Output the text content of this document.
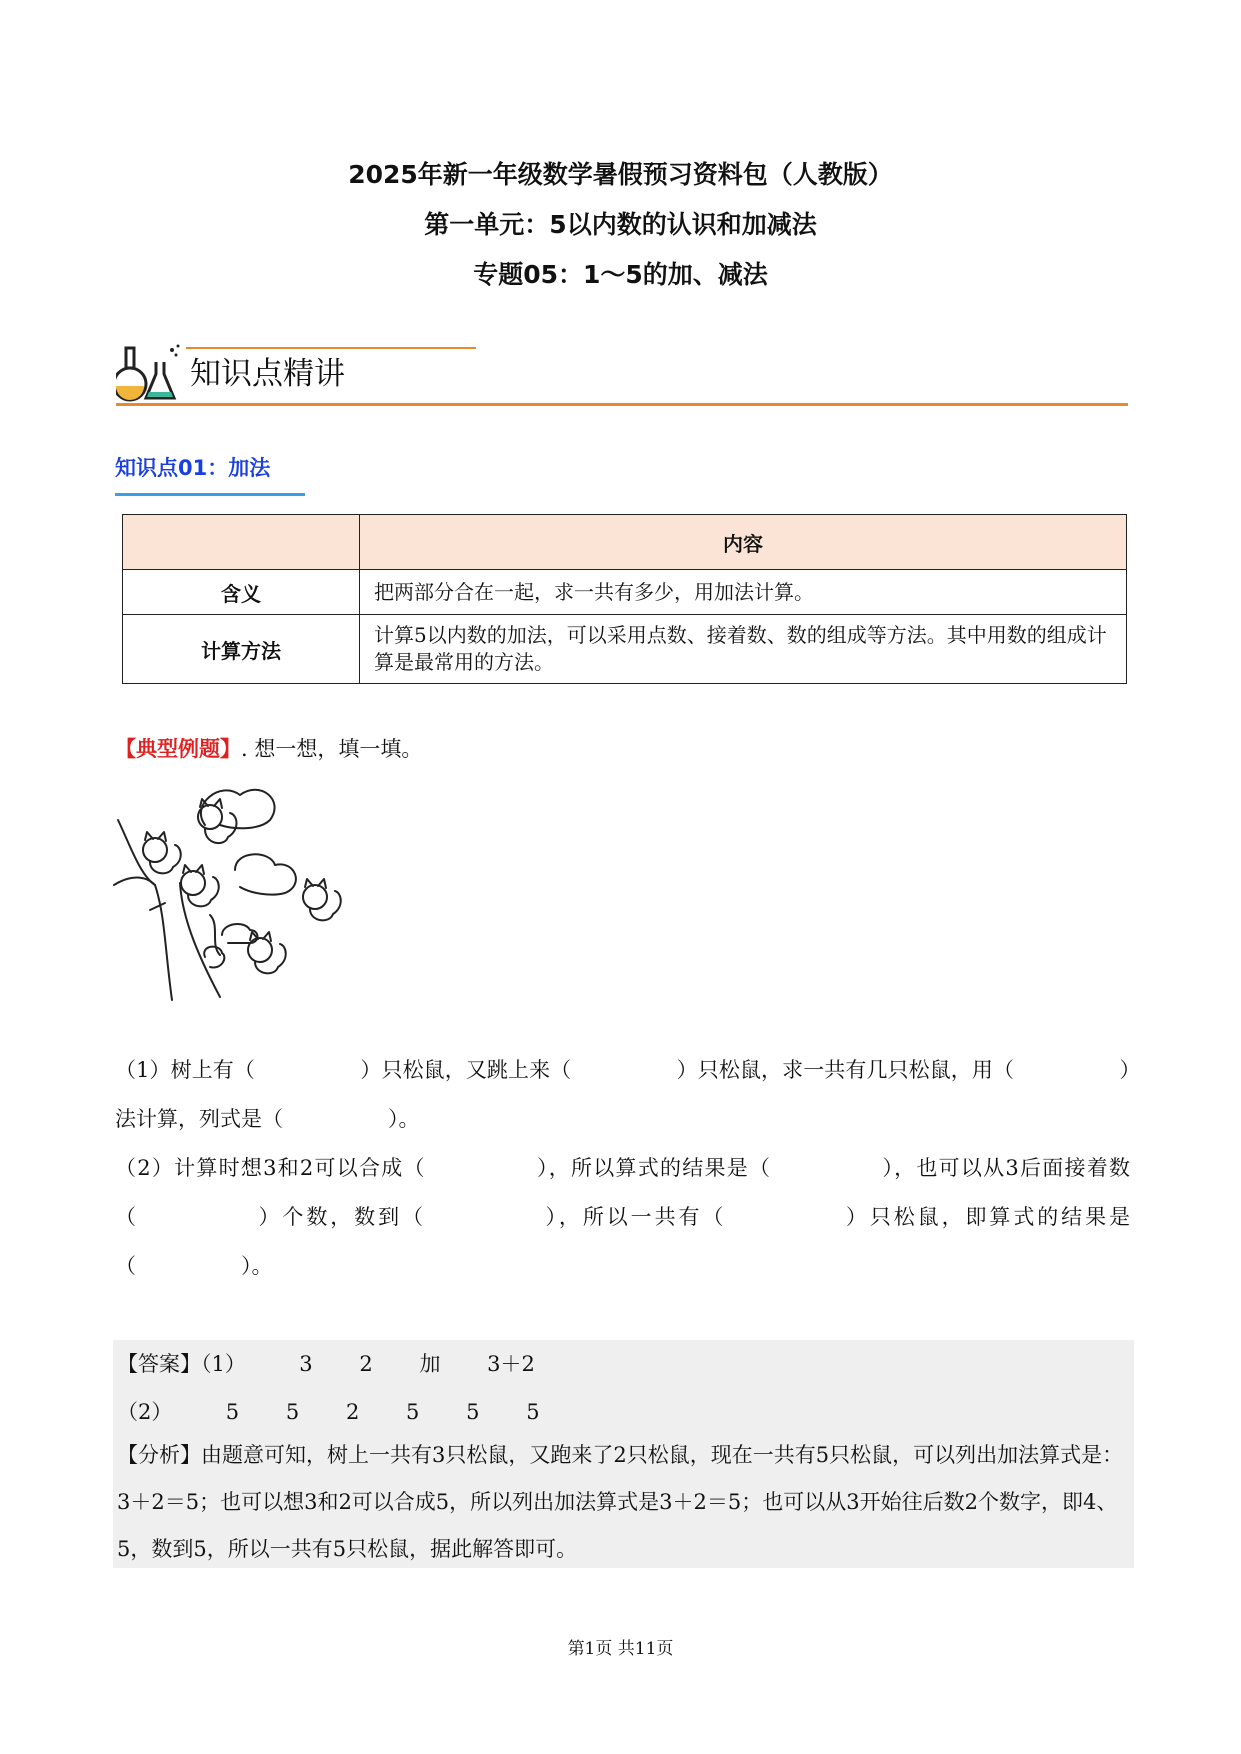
2025年新一年级数学暑假预习资料包（人教版）
第一单元：5以内数的认识和加减法
专题05：1～5的加、减法
知识点精讲
知识点01：加法
	内容
含义	把两部分合在一起，求一共有多少，用加法计算。
计算方法	计算5以内数的加法，可以采用点数、接着数、数的组成等方法。其中用数的组成计算是最常用的方法。
【典型例题】. 想一想，填一填。

（1）树上有（　　　　　）只松鼠，又跳上来（　　　　　）只松鼠，求一共有几只松鼠，用（　　　　　）法计算，列式是（　　　　　）。

（2）计算时想3和2可以合成（　　　　　），所以算式的结果是（　　　　　），也可以从3后面接着数（　　　　　）个数，数到（　　　　　），所以一共有（　　　　　）只松鼠，即算式的结果是（　　　　　）。

【答案】（1）        3       2       加       3＋2
（2）        5       5       2       5       5       5
【分析】由题意可知，树上一共有3只松鼠，又跑来了2只松鼠，现在一共有5只松鼠，可以列出加法算式是：3＋2＝5；也可以想3和2可以合成5，所以列出加法算式是3＋2＝5；也可以从3开始往后数2个数字，即4、5，数到5，所以一共有5只松鼠，据此解答即可。
第1页 共11页
